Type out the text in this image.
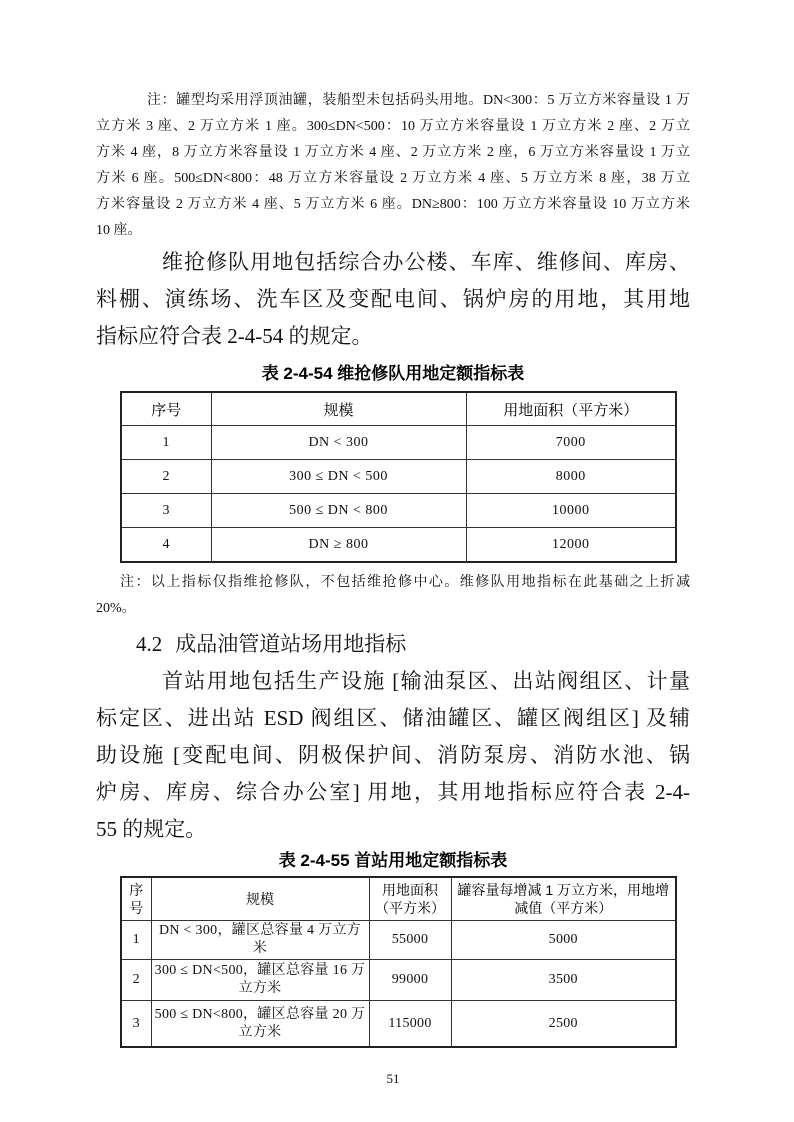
注：罐型均采用浮顶油罐，装船型未包括码头用地。DN<300：5 万立方米容量设 1 万
立方米 3 座、2 万立方米 1 座。300≤DN<500：10 万立方米容量设 1 万立方米 2 座、2 万立
方米 4 座，8 万立方米容量设 1 万立方米 4 座、2 万立方米 2 座，6 万立方米容量设 1 万立
方米 6 座。500≤DN<800：48 万立方米容量设 2 万立方米 4 座、5 万立方米 8 座，38 万立
方米容量设 2 万立方米 4 座、5 万立方米 6 座。DN≥800：100 万立方米容量设 10 万立方米
10 座。
维抢修队用地包括综合办公楼、车库、维修间、库房、
料棚、演练场、洗车区及变配电间、锅炉房的用地，其用地
指标应符合表 2-4-54 的规定。
表 2-4-54 维抢修队用地定额指标表
序号	规模	用地面积（平方米）
1	DN < 300	7000
2	300 ≤ DN < 500	8000
3	500 ≤ DN < 800	10000
4	DN ≥ 800	12000
注：以上指标仅指维抢修队，不包括维抢修中心。维修队用地指标在此基础之上折减
20%。
4.2 成品油管道站场用地指标
首站用地包括生产设施 [输油泵区、出站阀组区、计量
标定区、进出站 ESD 阀组区、储油罐区、罐区阀组区] 及辅
助设施 [变配电间、阴极保护间、消防泵房、消防水池、锅
炉房、库房、综合办公室] 用地，其用地指标应符合表 2-4-
55 的规定。
表 2-4-55 首站用地定额指标表
序号	规模	用地面积（平方米）	罐容量每增减 1 万立方米，用地增减值（平方米）
1	DN < 300，罐区总容量 4 万立方米	55000	5000
2	300 ≤ DN<500，罐区总容量 16 万立方米	99000	3500
3	500 ≤ DN<800，罐区总容量 20 万立方米	115000	2500
51
